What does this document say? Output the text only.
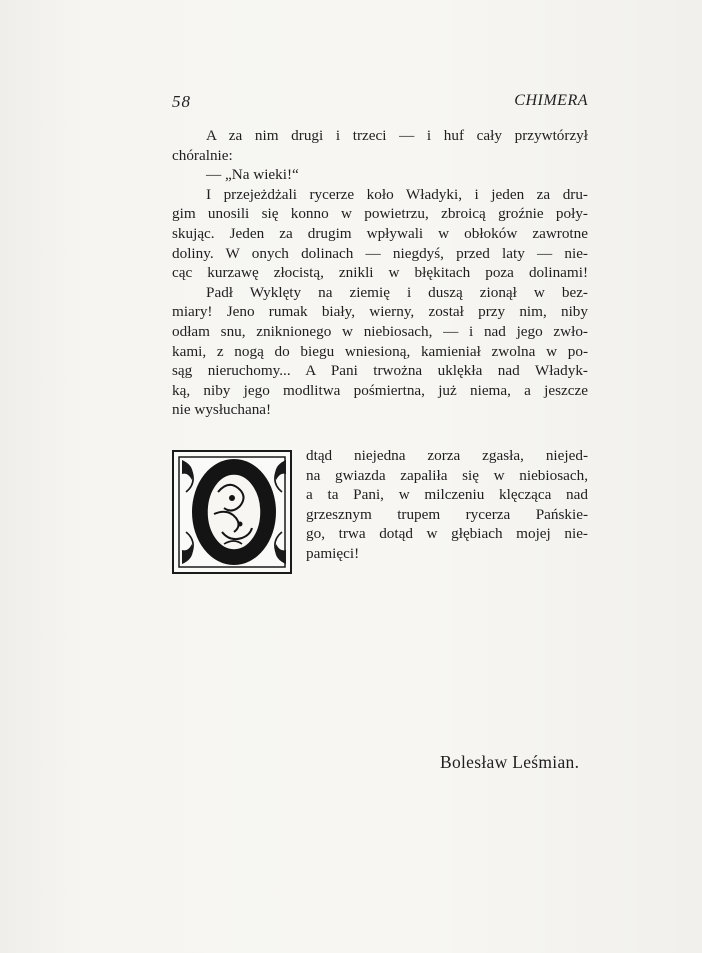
58	CHIMERA

A za nim drugi i trzeci — i huf cały przywtórzył
chóralnie:

— „Na wieki!“

I przejeżdżali rycerze koło Władyki, i jeden za dru-
gim unosili się konno w powietrzu, zbroicą groźnie poły-
skując. Jeden za drugim wpływali w obłoków zawrotne
doliny. W onych dolinach — niegdyś, przed laty — nie-
cąc kurzawę złocistą, znikli w błękitach poza dolinami!

Padł Wyklęty na ziemię i duszą zionął w bez-
miary! Jeno rumak biały, wierny, został przy nim, niby
odłam snu, zniknionego w niebiosach, — i nad jego zwło-
kami, z nogą do biegu wniesioną, kamieniał zwolna w po-
sąg nieruchomy... A Pani trwożna uklękła nad Władyk-
ką, niby jego modlitwa pośmiertna, już niema, a jeszcze
nie wysłuchana!

dtąd niejedna zorza zgasła, niejed-
na gwiazda zapaliła się w niebiosach,
a ta Pani, w milczeniu klęcząca nad
grzesznym trupem rycerza Pańskie-
go, trwa dotąd w głębiach mojej nie-
pamięci!
Bolesław Leśmian.
